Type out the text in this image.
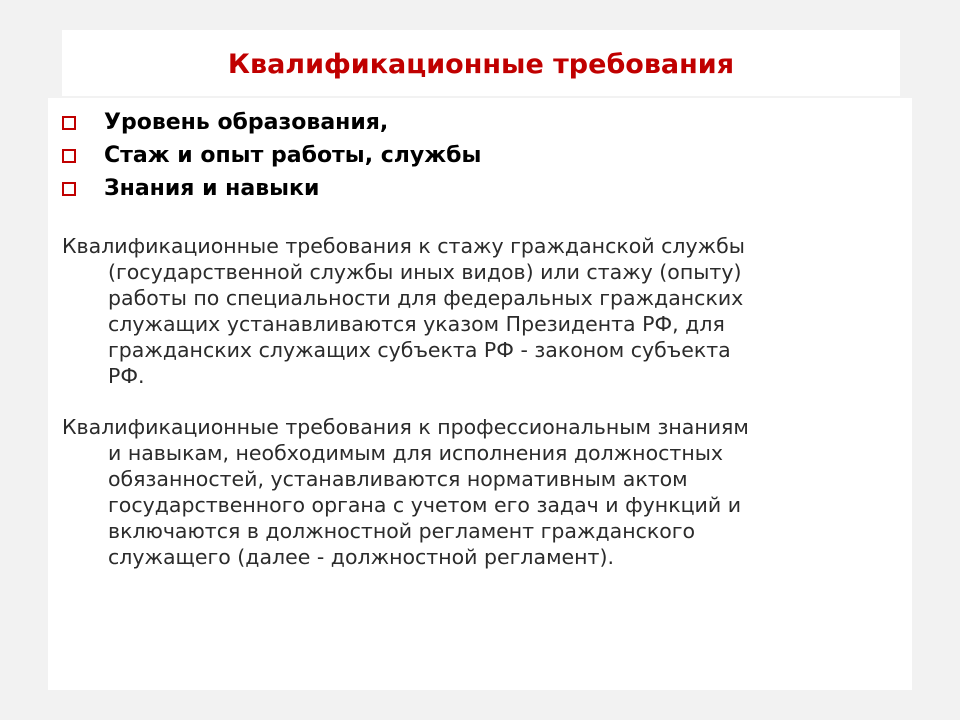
Квалификационные требования
Уровень образования,
Стаж и опыт работы, службы
Знания и навыки

Квалификационные требования к стажу гражданской службы
(государственной службы иных видов) или стажу (опыту)
работы по специальности для федеральных гражданских
служащих устанавливаются указом Президента РФ, для
гражданских служащих субъекта РФ - законом субъекта
РФ.

Квалификационные требования к профессиональным знаниям
и навыкам, необходимым для исполнения должностных
обязанностей, устанавливаются нормативным актом
государственного органа с учетом его задач и функций и
включаются в должностной регламент гражданского
служащего (далее - должностной регламент).
